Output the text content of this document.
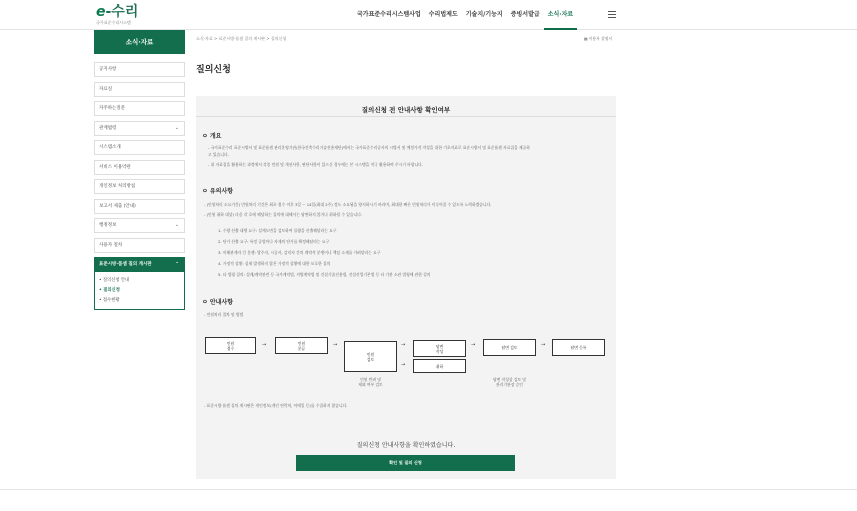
e-수리
국가표준수리시스템
국가표준수리시스템사업	수리법제도	기술지/기능지	증빙서발급	소식·자료
소식·자료
공지사항
자료실
자주하는질문
관계법령	⌄
시스템소개
서비스 이용약관
개인정보 처리방침
보고서 제출 (안내)
행정정보	⌄
사용자 절차
표준시방·품셈 질의 게시판	⌃
• 질의신청 안내
• 질의신청
• 접수현황
소식·자료 > 표준시방·품셈 질의 게시판 > 질의신청	▦ 이용자 설명서
질의신청
질의신청 전 안내사항 확인여부
ㅇ 개요
- 국가표준수리 표준시방서 및 표준품셈 관리운영기관(한국건축수리기술진흥재단)에서는 국가표준수리공사의 시방서 및 예정가격 작성을 위한 기초자료로 표준시방서 및 표준품셈 자료집을 제공하
고 있습니다.
- 위 자료집을 활용하는 과정에서 각종 민원 및 개선사항, 판단사항이 있으신 경우에는 본 시스템을 적극 활용하여 주시기 바랍니다.
ㅇ 유의사항
- (민원처리 소요기간) 민원처리 기간은 최초 접수 이후 3일 ~ 14일(최대 2주) 정도 소요됨을 양지하시기 바라며, 최대한 빠른 민원처리가 이루어질 수 있도록 노력하겠습니다.
- (민원 취하 대상) 다음 각 호에 해당하는 질의에 대해서는 답변하지 않거나 취하될 수 있습니다.
1. 수량 산출 대행 요구: 설계도면을 검토하여 물량을 산출해달라는 요구
2. 단가 산출 요구: 특정 공법이나 자재의 단가를 확정해달라는 요구
3. 이해관계자 간 분쟁: 발주자, 시공사, 감리자 간의 계약적 분쟁이나 책임 소재를 가려달라는 요구
4. 가정적 상황: 실제 발생하지 않은 가정적 상황에 대한 모호한 질의
5. 타 법령 질의: 설계/계약관련 등 국가계약법, 지방계약법 및 건설기술진흥법, 건설산업기본법 등 타 기관 소관 법령에 관한 질의
ㅇ 안내사항
- 민원처리 절차 및 방법
민원
접수	→	민원
분류	→
민원
검토
→
→
답변
작성
취하
→	답변 검토	→	답변 등록
민원 반려 및
제외 여부 검토
답변 작성상 검토 및
관리기관장 승인
- 표준시방·품셈 질의 게시판은 개인정보(개인 연락처, 이메일 등)를 수집하지 않습니다.
질의신청 안내사항을 확인하였습니다.
확인 및 질의 신청
